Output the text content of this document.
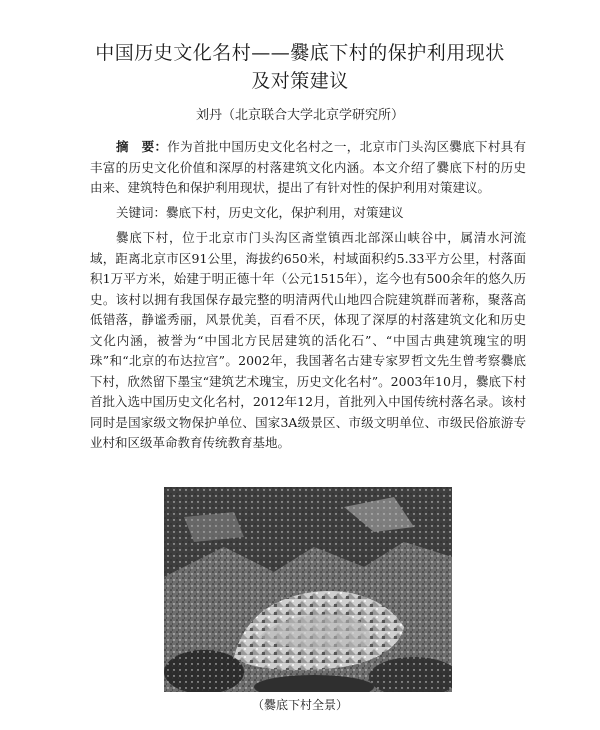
中国历史文化名村——爨底下村的保护利用现状
及对策建议
刘丹（北京联合大学北京学研究所）

摘　要：作为首批中国历史文化名村之一，北京市门头沟区爨底下村具有丰富的历史文化价值和深厚的村落建筑文化内涵。本文介绍了爨底下村的历史由来、建筑特色和保护利用现状，提出了有针对性的保护利用对策建议。

关键词：爨底下村，历史文化，保护利用，对策建议

爨底下村，位于北京市门头沟区斋堂镇西北部深山峡谷中，属清水河流域，距离北京市区91公里，海拔约650米，村域面积约5.33平方公里，村落面积1万平方米，始建于明正德十年（公元1515年），迄今也有500余年的悠久历史。该村以拥有我国保存最完整的明清两代山地四合院建筑群而著称，聚落高低错落，静谧秀丽，风景优美，百看不厌，体现了深厚的村落建筑文化和历史文化内涵，被誉为“中国北方民居建筑的活化石”、“中国古典建筑瑰宝的明珠”和“北京的布达拉宫”。2002年，我国著名古建专家罗哲文先生曾考察爨底下村，欣然留下墨宝“建筑艺术瑰宝，历史文化名村”。2003年10月，爨底下村首批入选中国历史文化名村，2012年12月，首批列入中国传统村落名录。该村同时是国家级文物保护单位、国家3A级景区、市级文明单位、市级民俗旅游专业村和区级革命教育传统教育基地。

（爨底下村全景）
